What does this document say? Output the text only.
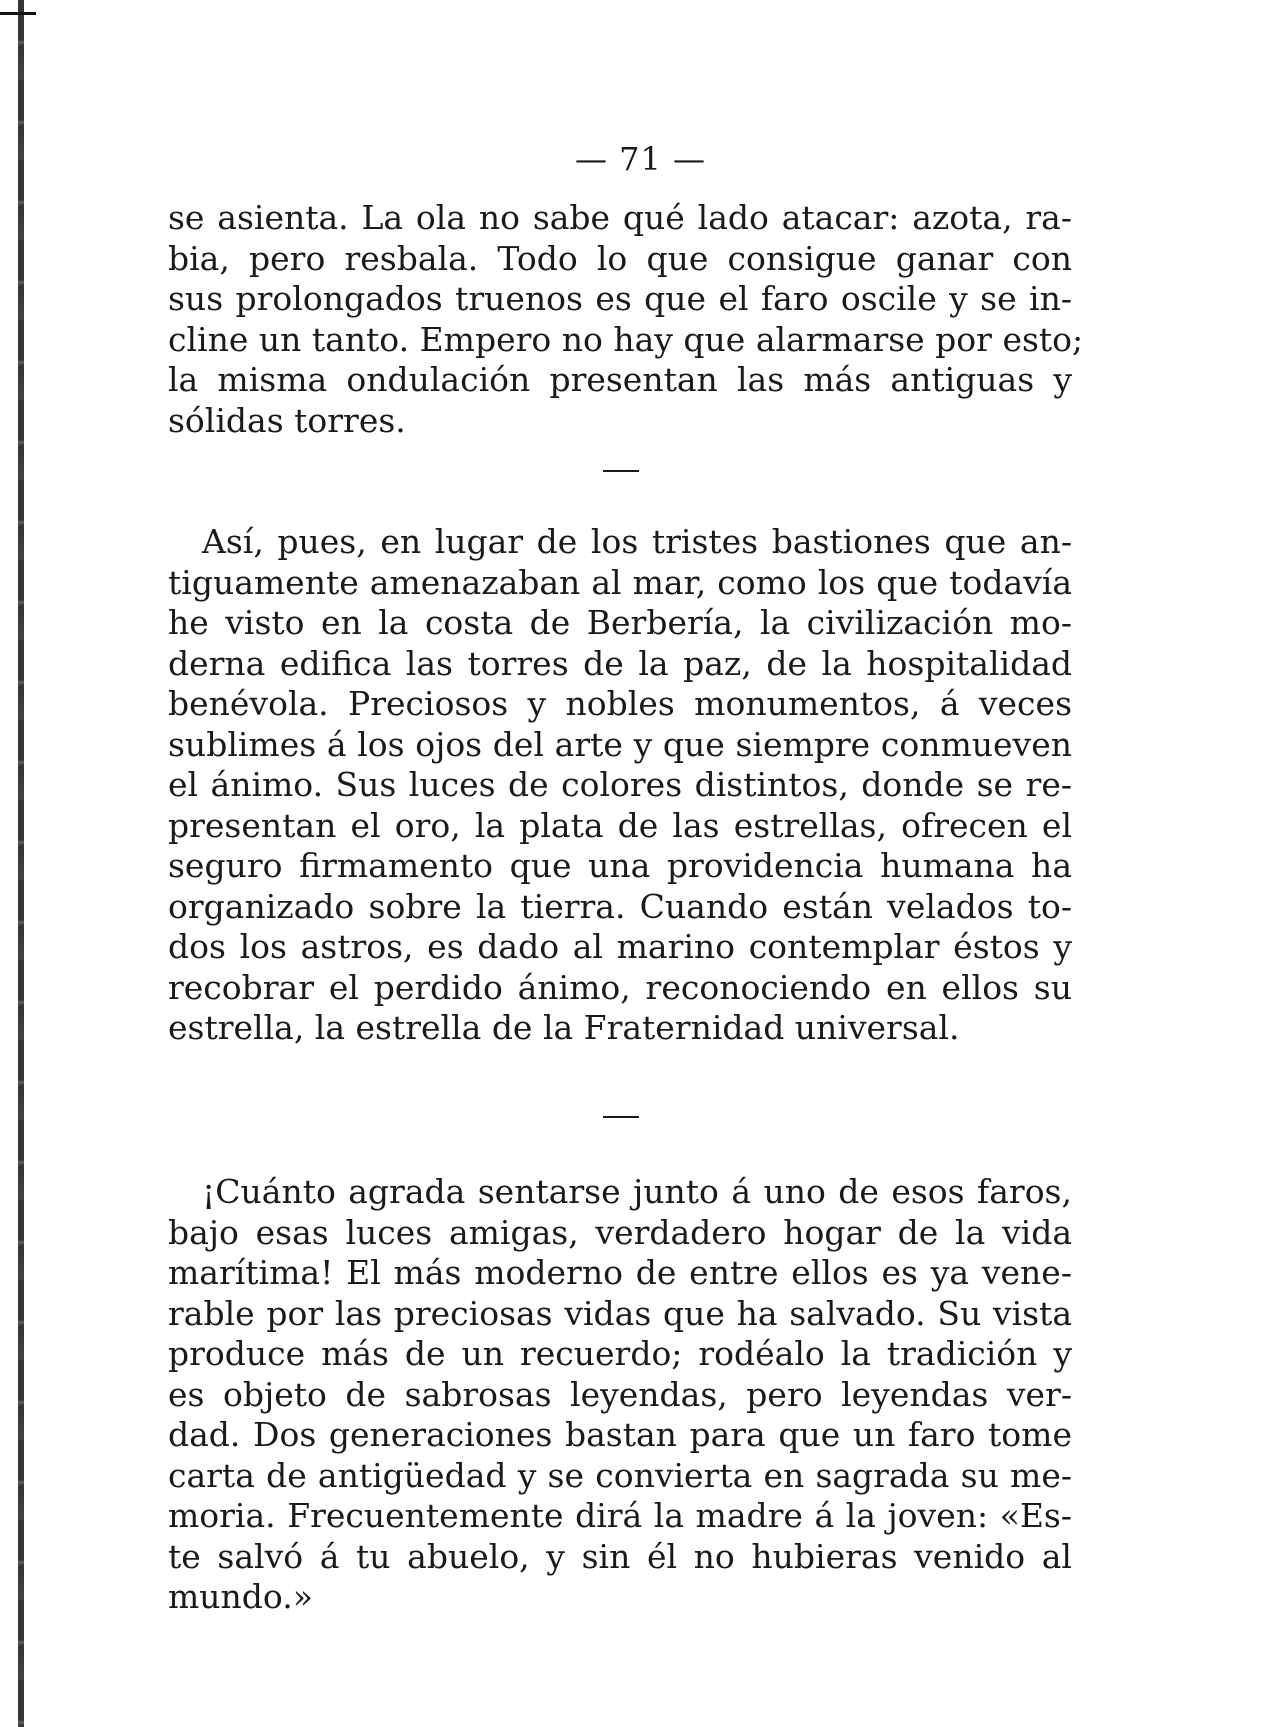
— 71 —

se asienta. La ola no sabe qué lado atacar: azota, ra-
bia, pero resbala. Todo lo que consigue ganar con
sus prolongados truenos es que el faro oscile y se in-
cline un tanto. Empero no hay que alarmarse por esto;
la misma ondulación presentan las más antiguas y
sólidas torres.

Así, pues, en lugar de los tristes bastiones que an-
tiguamente amenazaban al mar, como los que todavía
he visto en la costa de Berbería, la civilización mo-
derna edifica las torres de la paz, de la hospitalidad
benévola. Preciosos y nobles monumentos, á veces
sublimes á los ojos del arte y que siempre conmueven
el ánimo. Sus luces de colores distintos, donde se re-
presentan el oro, la plata de las estrellas, ofrecen el
seguro firmamento que una providencia humana ha
organizado sobre la tierra. Cuando están velados to-
dos los astros, es dado al marino contemplar éstos y
recobrar el perdido ánimo, reconociendo en ellos su
estrella, la estrella de la Fraternidad universal.

¡Cuánto agrada sentarse junto á uno de esos faros,
bajo esas luces amigas, verdadero hogar de la vida
marítima! El más moderno de entre ellos es ya vene-
rable por las preciosas vidas que ha salvado. Su vista
produce más de un recuerdo; rodéalo la tradición y
es objeto de sabrosas leyendas, pero leyendas ver-
dad. Dos generaciones bastan para que un faro tome
carta de antigüedad y se convierta en sagrada su me-
moria. Frecuentemente dirá la madre á la joven: «Es-
te salvó á tu abuelo, y sin él no hubieras venido al
mundo.»
